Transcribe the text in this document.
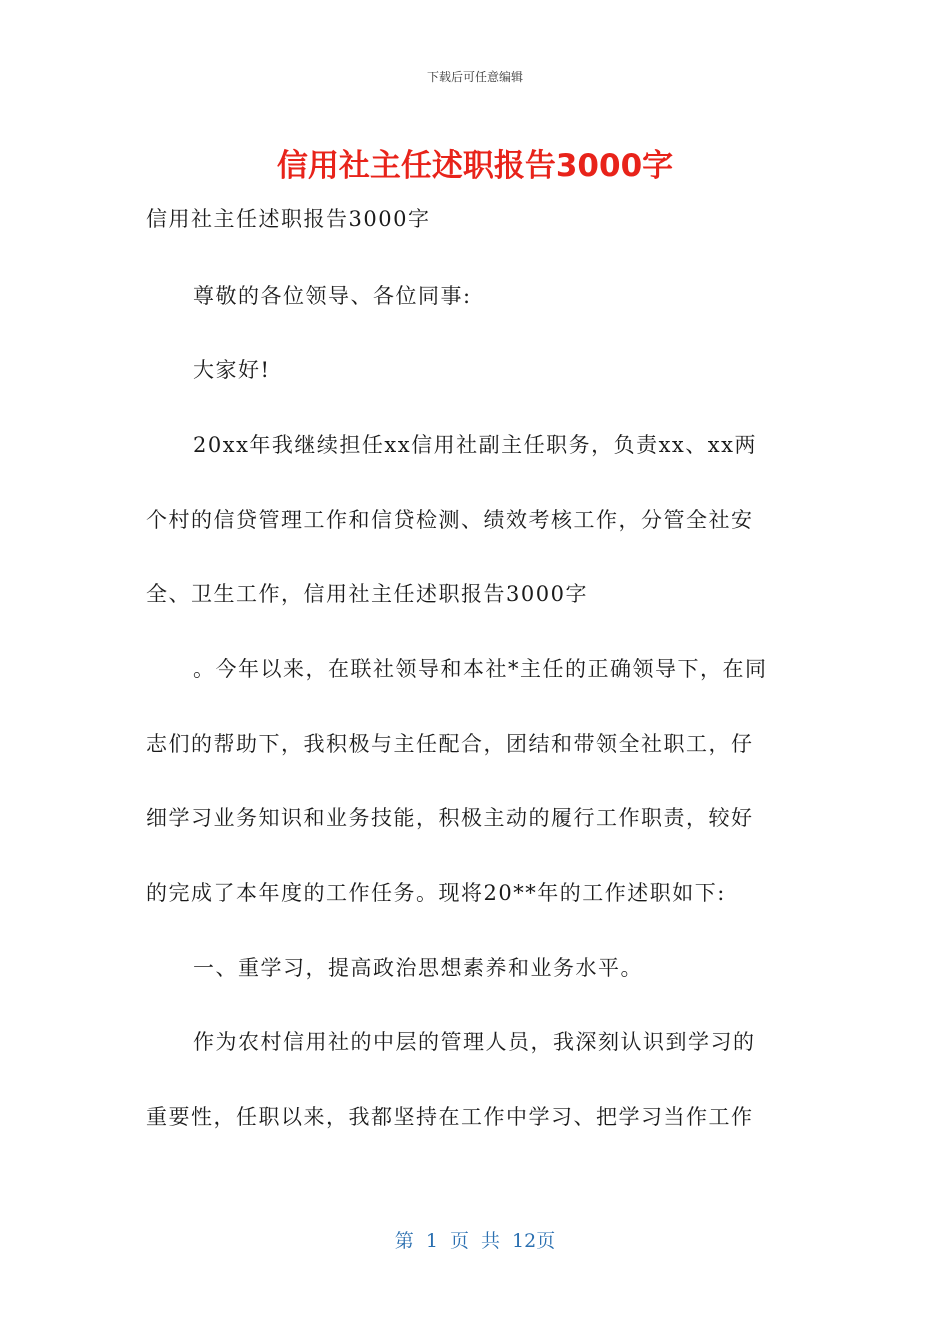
下载后可任意编辑
信用社主任述职报告3000字
信用社主任述职报告3000字
尊敬的各位领导、各位同事:
大家好!
20xx年我继续担任xx信用社副主任职务，负责xx、xx两
个村的信贷管理工作和信贷检测、绩效考核工作，分管全社安
全、卫生工作，信用社主任述职报告3000字
。今年以来，在联社领导和本社*主任的正确领导下，在同
志们的帮助下，我积极与主任配合，团结和带领全社职工，仔
细学习业务知识和业务技能，积极主动的履行工作职责，较好
的完成了本年度的工作任务。现将20**年的工作述职如下:
一、重学习，提高政治思想素养和业务水平。
作为农村信用社的中层的管理人员，我深刻认识到学习的
重要性，任职以来，我都坚持在工作中学习、把学习当作工作
第 1 页 共 12页
